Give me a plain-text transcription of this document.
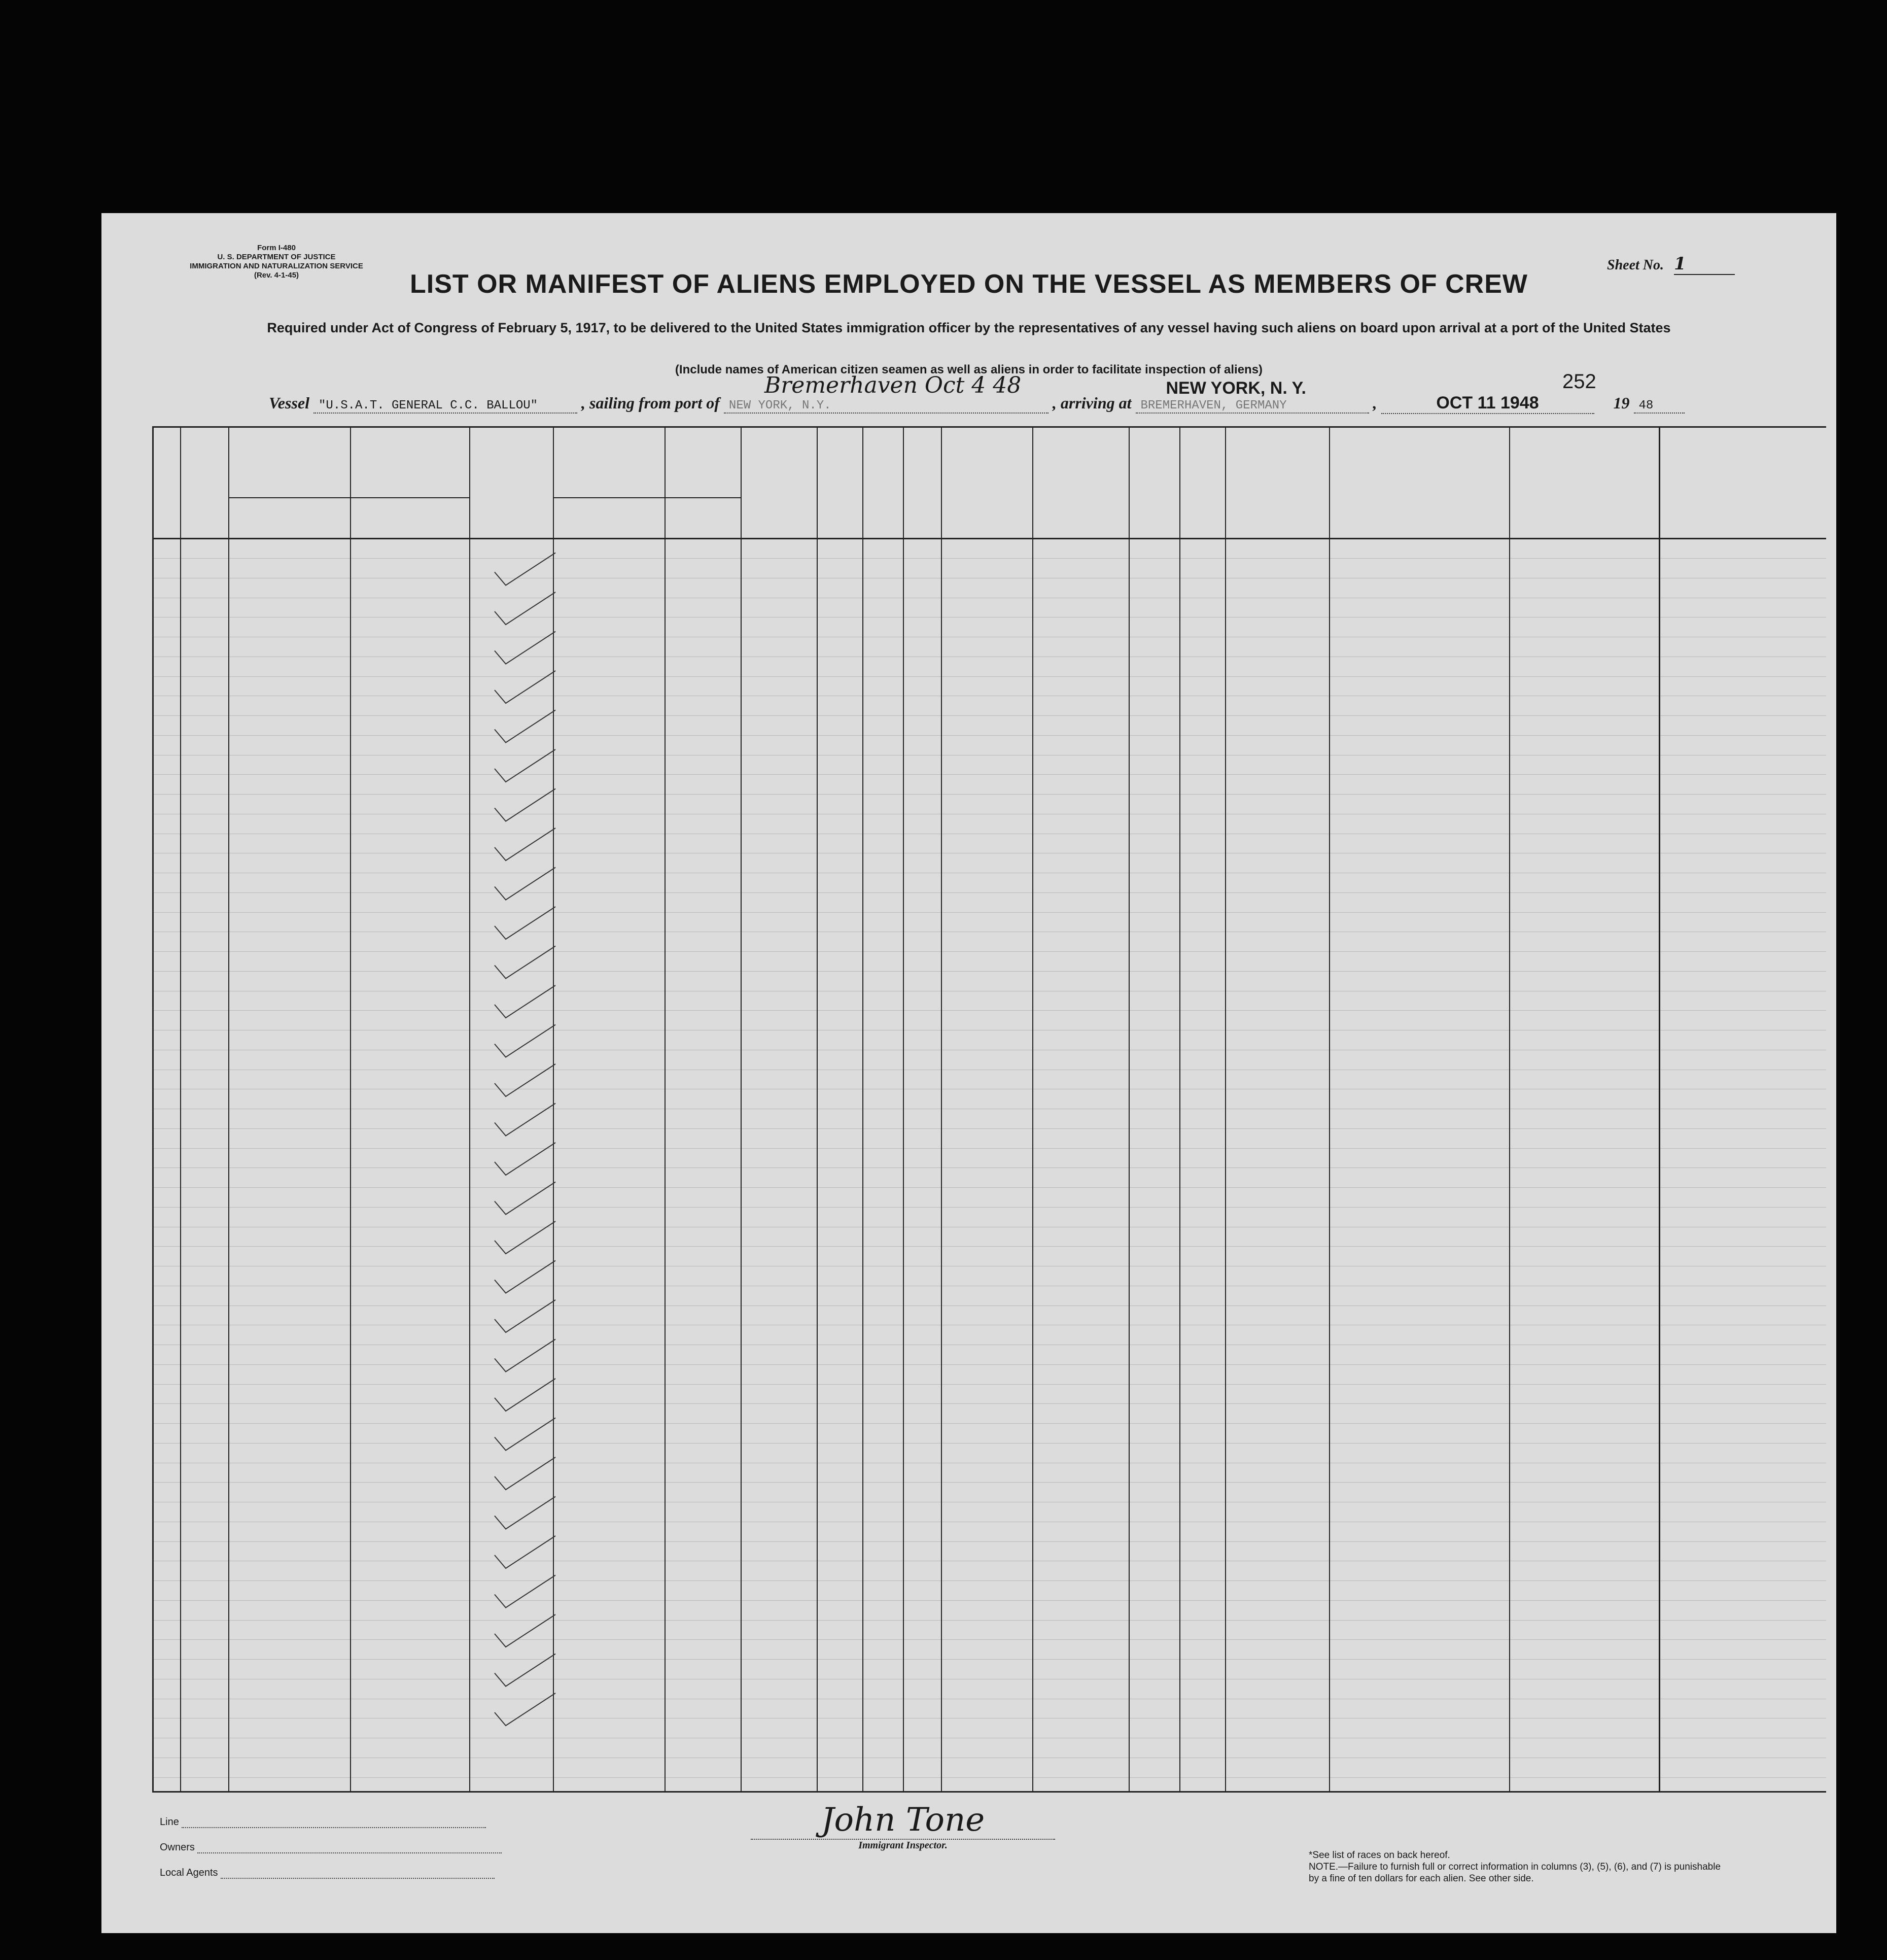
Form I-480
U. S. DEPARTMENT OF JUSTICE
IMMIGRATION AND NATURALIZATION SERVICE
(Rev. 4-1-45)
Sheet No. 1
LIST OR MANIFEST OF ALIENS EMPLOYED ON THE VESSEL AS MEMBERS OF CREW
Required under Act of Congress of February 5, 1917, to be delivered to the United States immigration officer by the representatives of any vessel having such aliens on board upon arrival at a port of the United States
(Include names of American citizen seamen as well as aliens in order to facilitate inspection of aliens)
252
Vessel "U.S.A.T. GENERAL C.C. BALLOU"	, sailing from port of NEW YORK, N.Y.
Bremerhaven Oct 4 48
, arriving at BREMERHAVEN, GERMANY
NEW YORK, N. Y.
,	OCT 11 1948	19 48
Line
Owners
Local Agents
John Tone
Immigrant Inspector.
*See list of races on back hereof.
NOTE.—Failure to furnish full or correct information in columns (3), (5), (6), and (7) is punishable by a fine of ten dollars for each alien. See other side.
